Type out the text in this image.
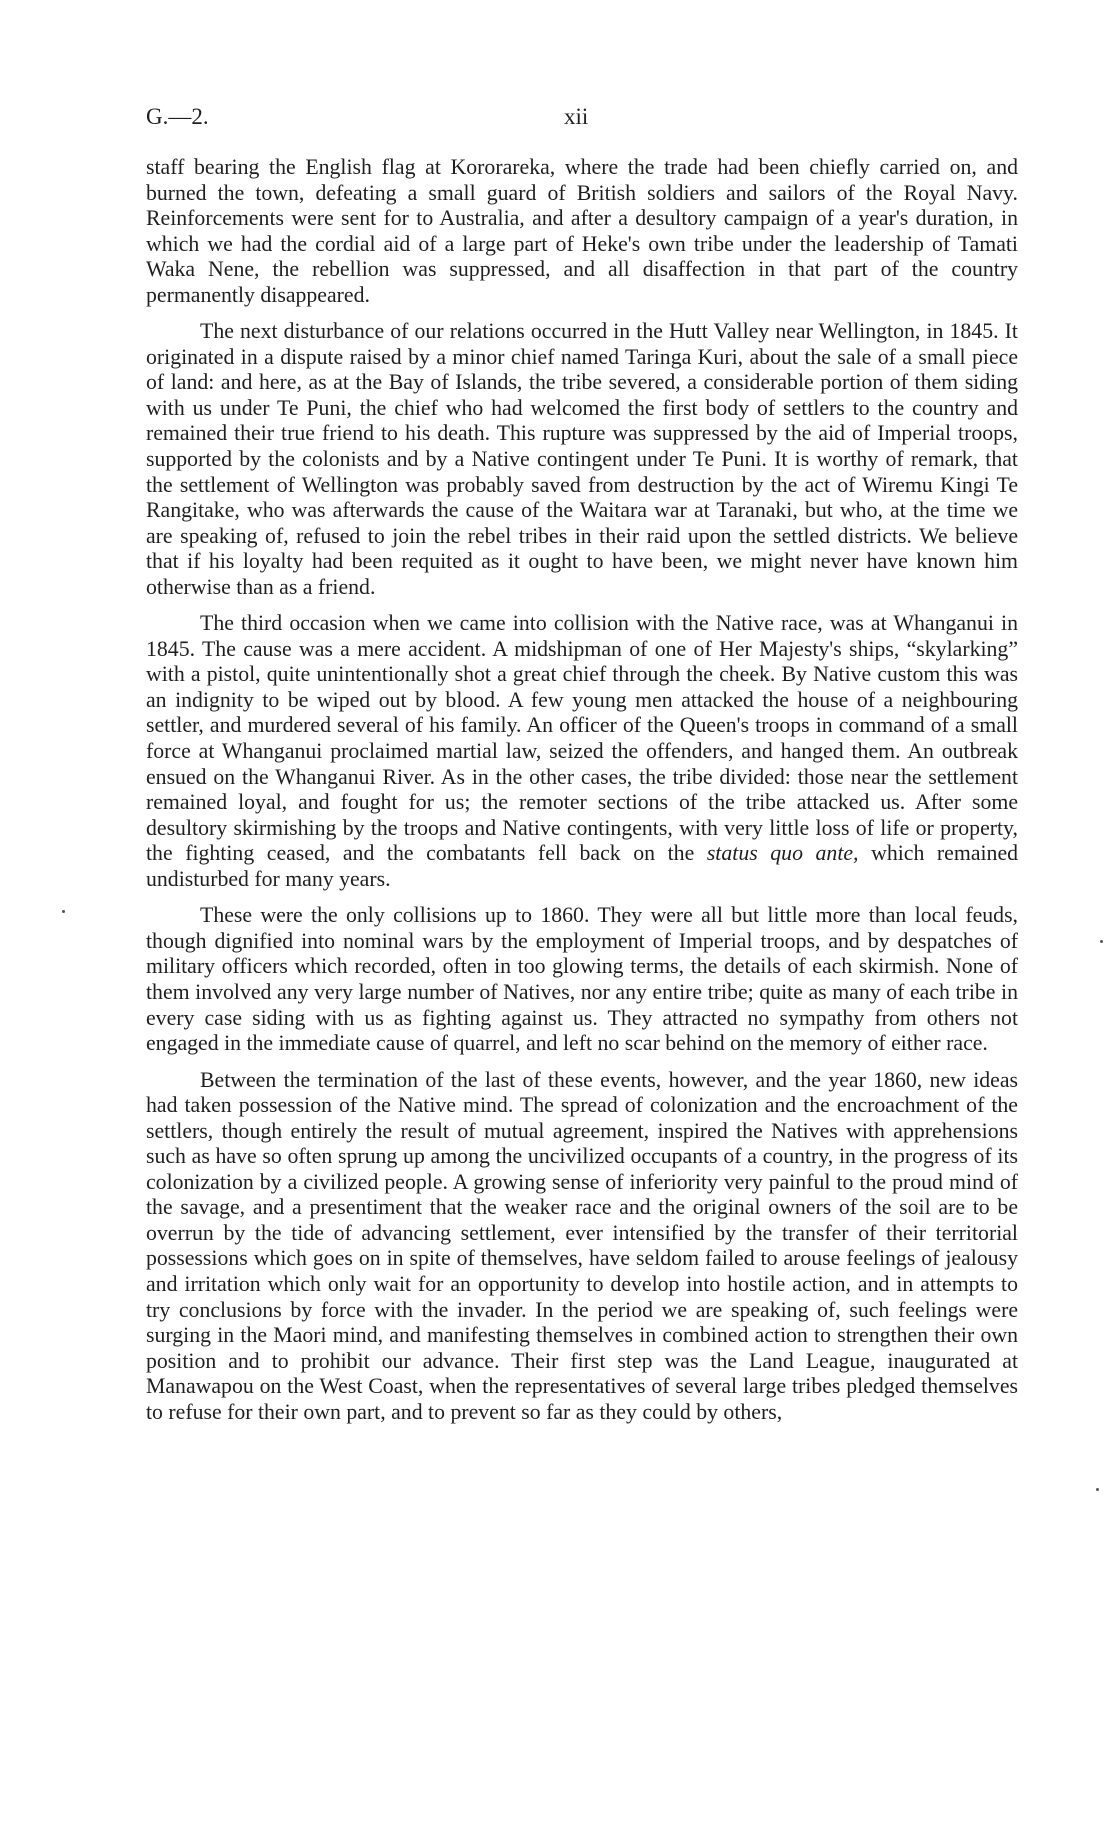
G.—2.	xii

staff bearing the English flag at Kororareka, where the trade had been chiefly carried on, and burned the town, defeating a small guard of British soldiers and sailors of the Royal Navy. Reinforcements were sent for to Australia, and after a desultory campaign of a year's duration, in which we had the cordial aid of a large part of Heke's own tribe under the leadership of Tamati Waka Nene, the rebellion was suppressed, and all disaffection in that part of the country permanently disappeared.

The next disturbance of our relations occurred in the Hutt Valley near Wellington, in 1845. It originated in a dispute raised by a minor chief named Taringa Kuri, about the sale of a small piece of land: and here, as at the Bay of Islands, the tribe severed, a considerable portion of them siding with us under Te Puni, the chief who had welcomed the first body of settlers to the country and remained their true friend to his death. This rupture was suppressed by the aid of Imperial troops, supported by the colonists and by a Native contingent under Te Puni. It is worthy of remark, that the settlement of Wellington was probably saved from destruction by the act of Wiremu Kingi Te Rangitake, who was afterwards the cause of the Waitara war at Taranaki, but who, at the time we are speaking of, refused to join the rebel tribes in their raid upon the settled districts. We believe that if his loyalty had been requited as it ought to have been, we might never have known him otherwise than as a friend.

The third occasion when we came into collision with the Native race, was at Whanganui in 1845. The cause was a mere accident. A midshipman of one of Her Majesty's ships, “skylarking” with a pistol, quite unintentionally shot a great chief through the cheek. By Native custom this was an indignity to be wiped out by blood. A few young men attacked the house of a neighbouring settler, and murdered several of his family. An officer of the Queen's troops in command of a small force at Whanganui proclaimed martial law, seized the offenders, and hanged them. An outbreak ensued on the Whanganui River. As in the other cases, the tribe divided: those near the settlement remained loyal, and fought for us; the remoter sections of the tribe attacked us. After some desultory skirmishing by the troops and Native contingents, with very little loss of life or property, the fighting ceased, and the combatants fell back on the status quo ante, which remained undisturbed for many years.

These were the only collisions up to 1860. They were all but little more than local feuds, though dignified into nominal wars by the employment of Imperial troops, and by despatches of military officers which recorded, often in too glowing terms, the details of each skirmish. None of them involved any very large number of Natives, nor any entire tribe; quite as many of each tribe in every case siding with us as fighting against us. They attracted no sympathy from others not engaged in the immediate cause of quarrel, and left no scar behind on the memory of either race.

Between the termination of the last of these events, however, and the year 1860, new ideas had taken possession of the Native mind. The spread of colonization and the encroachment of the settlers, though entirely the result of mutual agreement, inspired the Natives with apprehensions such as have so often sprung up among the uncivilized occupants of a country, in the progress of its colonization by a civilized people. A growing sense of inferiority very painful to the proud mind of the savage, and a presentiment that the weaker race and the original owners of the soil are to be overrun by the tide of advancing settlement, ever intensified by the transfer of their territorial possessions which goes on in spite of themselves, have seldom failed to arouse feelings of jealousy and irritation which only wait for an opportunity to develop into hostile action, and in attempts to try conclusions by force with the invader. In the period we are speaking of, such feelings were surging in the Maori mind, and manifesting themselves in combined action to strengthen their own position and to prohibit our advance. Their first step was the Land League, inaugurated at Manawapou on the West Coast, when the representatives of several large tribes pledged themselves to refuse for their own part, and to prevent so far as they could by others,
